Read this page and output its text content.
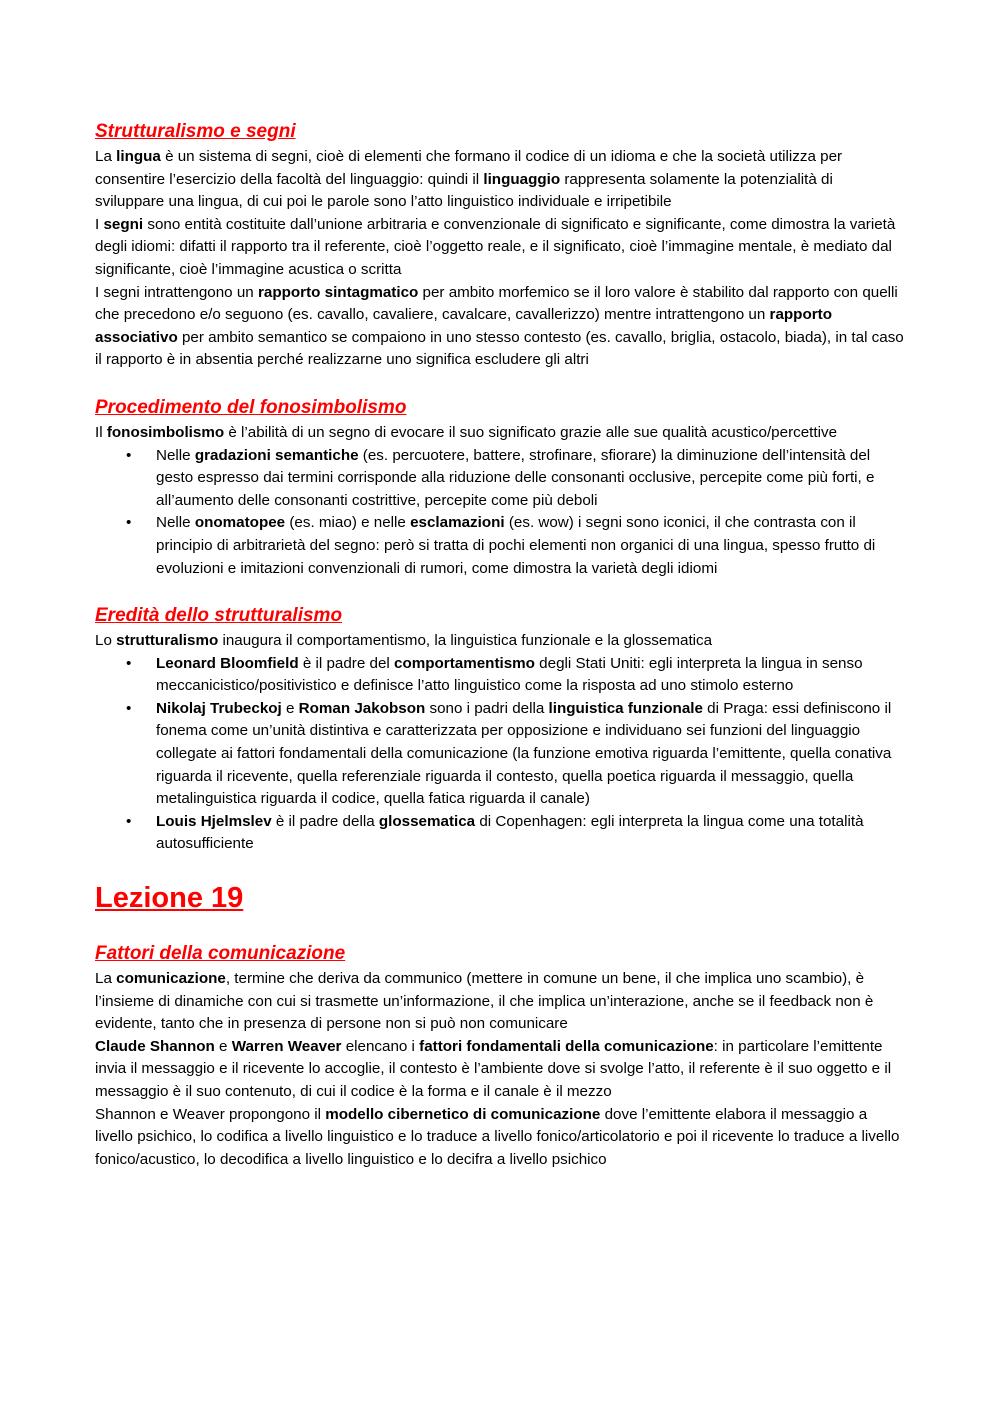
Strutturalismo e segni

La lingua è un sistema di segni, cioè di elementi che formano il codice di un idioma e che la società utilizza per consentire l’esercizio della facoltà del linguaggio: quindi il linguaggio rappresenta solamente la potenzialità di sviluppare una lingua, di cui poi le parole sono l’atto linguistico individuale e irripetibile

I segni sono entità costituite dall’unione arbitraria e convenzionale di significato e significante, come dimostra la varietà degli idiomi: difatti il rapporto tra il referente, cioè l’oggetto reale, e il significato, cioè l’immagine mentale, è mediato dal significante, cioè l’immagine acustica o scritta

I segni intrattengono un rapporto sintagmatico per ambito morfemico se il loro valore è stabilito dal rapporto con quelli che precedono e/o seguono (es. cavallo, cavaliere, cavalcare, cavallerizzo) mentre intrattengono un rapporto associativo per ambito semantico se compaiono in uno stesso contesto (es. cavallo, briglia, ostacolo, biada), in tal caso il rapporto è in absentia perché realizzarne uno significa escludere gli altri

Procedimento del fonosimbolismo

Il fonosimbolismo è l’abilità di un segno di evocare il suo significato grazie alle sue qualità acustico/percettive

• Nelle gradazioni semantiche (es. percuotere, battere, strofinare, sfiorare) la diminuzione dell’intensità del gesto espresso dai termini corrisponde alla riduzione delle consonanti occlusive, percepite come più forti, e all’aumento delle consonanti costrittive, percepite come più deboli
• Nelle onomatopee (es. miao) e nelle esclamazioni (es. wow) i segni sono iconici, il che contrasta con il principio di arbitrarietà del segno: però si tratta di pochi elementi non organici di una lingua, spesso frutto di evoluzioni e imitazioni convenzionali di rumori, come dimostra la varietà degli idiomi
Eredità dello strutturalismo

Lo strutturalismo inaugura il comportamentismo, la linguistica funzionale e la glossematica

• Leonard Bloomfield è il padre del comportamentismo degli Stati Uniti: egli interpreta la lingua in senso meccanicistico/positivistico e definisce l’atto linguistico come la risposta ad uno stimolo esterno
• Nikolaj Trubeckoj e Roman Jakobson sono i padri della linguistica funzionale di Praga: essi definiscono il fonema come un’unità distintiva e caratterizzata per opposizione e individuano sei funzioni del linguaggio collegate ai fattori fondamentali della comunicazione (la funzione emotiva riguarda l’emittente, quella conativa riguarda il ricevente, quella referenziale riguarda il contesto, quella poetica riguarda il messaggio, quella metalinguistica riguarda il codice, quella fatica riguarda il canale)
• Louis Hjelmslev è il padre della glossematica di Copenhagen: egli interpreta la lingua come una totalità autosufficiente
Lezione 19
Fattori della comunicazione

La comunicazione, termine che deriva da communico (mettere in comune un bene, il che implica uno scambio), è l’insieme di dinamiche con cui si trasmette un’informazione, il che implica un’interazione, anche se il feedback non è evidente, tanto che in presenza di persone non si può non comunicare

Claude Shannon e Warren Weaver elencano i fattori fondamentali della comunicazione: in particolare l’emittente invia il messaggio e il ricevente lo accoglie, il contesto è l’ambiente dove si svolge l’atto, il referente è il suo oggetto e il messaggio è il suo contenuto, di cui il codice è la forma e il canale è il mezzo

Shannon e Weaver propongono il modello cibernetico di comunicazione dove l’emittente elabora il messaggio a livello psichico, lo codifica a livello linguistico e lo traduce a livello fonico/articolatorio e poi il ricevente lo traduce a livello fonico/acustico, lo decodifica a livello linguistico e lo decifra a livello psichico
